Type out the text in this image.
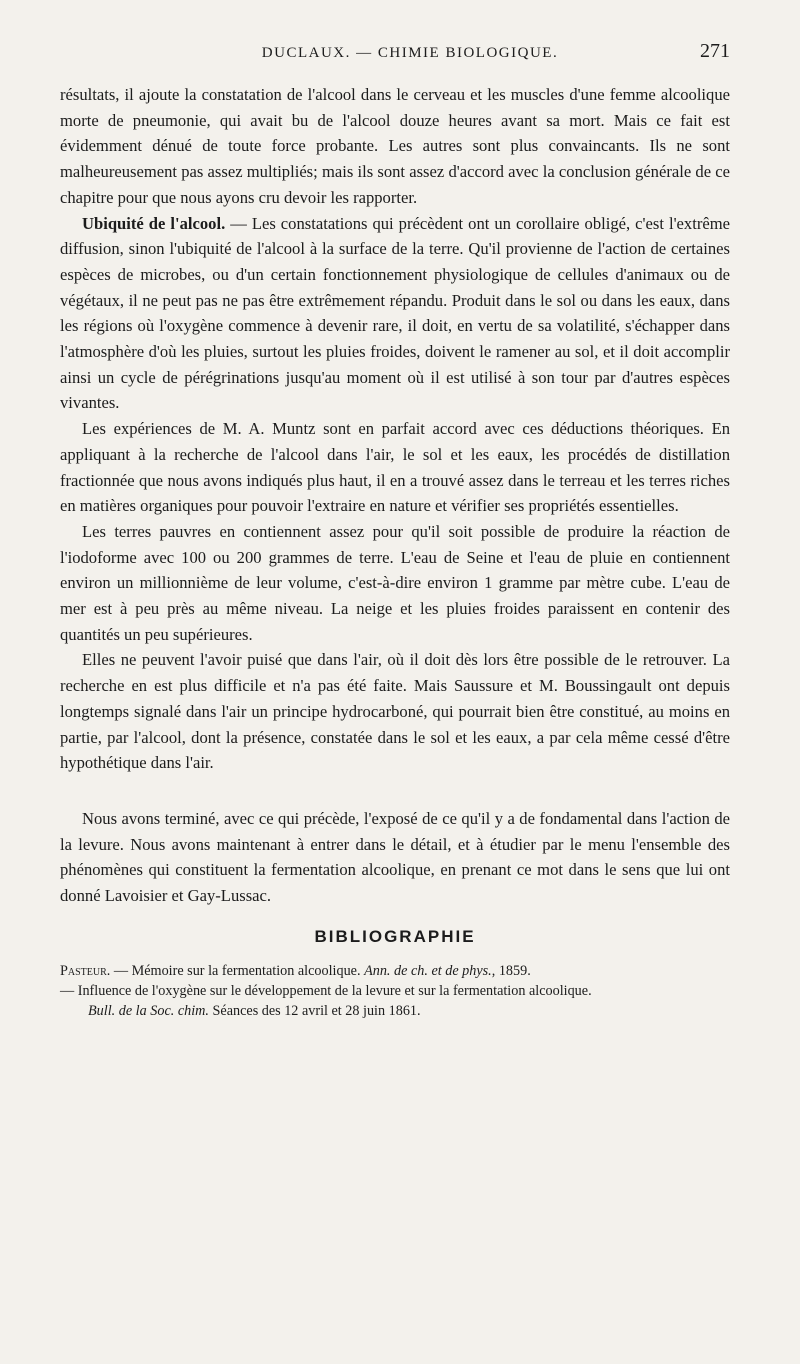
DUCLAUX. — CHIMIE BIOLOGIQUE.	271

résultats, il ajoute la constatation de l'alcool dans le cerveau et les muscles d'une femme alcoolique morte de pneumonie, qui avait bu de l'alcool douze heures avant sa mort. Mais ce fait est évidemment dénué de toute force probante. Les autres sont plus convaincants. Ils ne sont malheureusement pas assez multipliés; mais ils sont assez d'accord avec la conclusion générale de ce chapitre pour que nous ayons cru devoir les rapporter.

Ubiquité de l'alcool. — Les constatations qui précèdent ont un corollaire obligé, c'est l'extrême diffusion, sinon l'ubiquité de l'alcool à la surface de la terre. Qu'il provienne de l'action de certaines espèces de microbes, ou d'un certain fonctionnement physiologique de cellules d'animaux ou de végétaux, il ne peut pas ne pas être extrêmement répandu. Produit dans le sol ou dans les eaux, dans les régions où l'oxygène commence à devenir rare, il doit, en vertu de sa volatilité, s'échapper dans l'atmosphère d'où les pluies, surtout les pluies froides, doivent le ramener au sol, et il doit accomplir ainsi un cycle de pérégrinations jusqu'au moment où il est utilisé à son tour par d'autres espèces vivantes.

Les expériences de M. A. Muntz sont en parfait accord avec ces déductions théoriques. En appliquant à la recherche de l'alcool dans l'air, le sol et les eaux, les procédés de distillation fractionnée que nous avons indiqués plus haut, il en a trouvé assez dans le terreau et les terres riches en matières organiques pour pouvoir l'extraire en nature et vérifier ses propriétés essentielles.

Les terres pauvres en contiennent assez pour qu'il soit possible de produire la réaction de l'iodoforme avec 100 ou 200 grammes de terre. L'eau de Seine et l'eau de pluie en contiennent environ un millionnième de leur volume, c'est-à-dire environ 1 gramme par mètre cube. L'eau de mer est à peu près au même niveau. La neige et les pluies froides paraissent en contenir des quantités un peu supérieures.

Elles ne peuvent l'avoir puisé que dans l'air, où il doit dès lors être possible de le retrouver. La recherche en est plus difficile et n'a pas été faite. Mais Saussure et M. Boussingault ont depuis longtemps signalé dans l'air un principe hydrocarboné, qui pourrait bien être constitué, au moins en partie, par l'alcool, dont la présence, constatée dans le sol et les eaux, a par cela même cessé d'être hypothétique dans l'air.

Nous avons terminé, avec ce qui précède, l'exposé de ce qu'il y a de fondamental dans l'action de la levure. Nous avons maintenant à entrer dans le détail, et à étudier par le menu l'ensemble des phénomènes qui constituent la fermentation alcoolique, en prenant ce mot dans le sens que lui ont donné Lavoisier et Gay-Lussac.

BIBLIOGRAPHIE

Pasteur. — Mémoire sur la fermentation alcoolique. Ann. de ch. et de phys., 1859.
— Influence de l'oxygène sur le développement de la levure et sur la fermentation alcoolique.
Bull. de la Soc. chim. Séances des 12 avril et 28 juin 1861.
